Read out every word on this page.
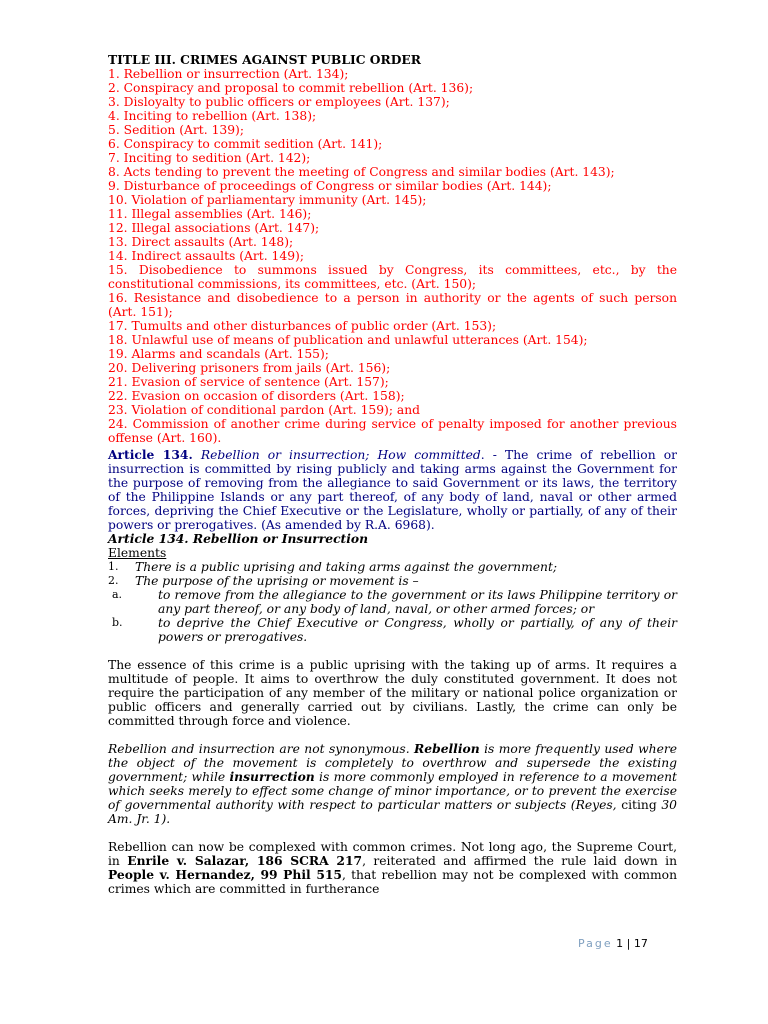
TITLE III. CRIMES AGAINST PUBLIC ORDER

1. Rebellion or insurrection (Art. 134);
2. Conspiracy and proposal to commit rebellion (Art. 136);
3. Disloyalty to public officers or employees (Art. 137);
4. Inciting to rebellion (Art. 138);
5. Sedition (Art. 139);
6. Conspiracy to commit sedition (Art. 141);
7. Inciting to sedition (Art. 142);
8. Acts tending to prevent the meeting of Congress and similar bodies (Art. 143);
9. Disturbance of proceedings of Congress or similar bodies (Art. 144);
10. Violation of parliamentary immunity (Art. 145);
11. Illegal assemblies (Art. 146);
12. Illegal associations (Art. 147);
13. Direct assaults (Art. 148);
14. Indirect assaults (Art. 149);
15. Disobedience to summons issued by Congress, its committees, etc., by the constitutional commissions, its committees, etc. (Art. 150);
16. Resistance and disobedience to a person in authority or the agents of such person (Art. 151);
17. Tumults and other disturbances of public order (Art. 153);
18. Unlawful use of means of publication and unlawful utterances (Art. 154);
19. Alarms and scandals (Art. 155);
20. Delivering prisoners from jails (Art. 156);
21. Evasion of service of sentence (Art. 157);
22. Evasion on occasion of disorders (Art. 158);
23. Violation of conditional pardon (Art. 159); and
24. Commission of another crime during service of penalty imposed for another previous offense (Art. 160).

Article 134. Rebellion or insurrection; How committed. - The crime of rebellion or insurrection is committed by rising publicly and taking arms against the Government for the purpose of removing from the allegiance to said Government or its laws, the territory of the Philippine Islands or any part thereof, of any body of land, naval or other armed forces, depriving the Chief Executive or the Legislature, wholly or partially, of any of their powers or prerogatives. (As amended by R.A. 6968).

Article 134. Rebellion or Insurrection

Elements

1.	There is a public uprising and taking arms against the government;
2.	The purpose of the uprising or movement is –
a.	to remove from the allegiance to the government or its laws Philippine territory or any part thereof, or any body of land, naval, or other armed forces; or
b.	to deprive the Chief Executive or Congress, wholly or partially, of any of their powers or prerogatives.

The essence of this crime is a public uprising with the taking up of arms. It requires a multitude of people. It aims to overthrow the duly constituted government. It does not require the participation of any member of the military or national police organization or public officers and generally carried out by civilians. Lastly, the crime can only be committed through force and violence.

Rebellion and insurrection are not synonymous. Rebellion is more frequently used where the object of the movement is completely to overthrow and supersede the existing government; while insurrection is more commonly employed in reference to a movement which seeks merely to effect some change of minor importance, or to prevent the exercise of governmental authority with respect to particular matters or subjects (Reyes, citing 30 Am. Jr. 1).

Rebellion can now be complexed with common crimes. Not long ago, the Supreme Court, in Enrile v. Salazar, 186 SCRA 217, reiterated and affirmed the rule laid down in People v. Hernandez, 99 Phil 515, that rebellion may not be complexed with common crimes which are committed in furtherance

Page 1 | 17
